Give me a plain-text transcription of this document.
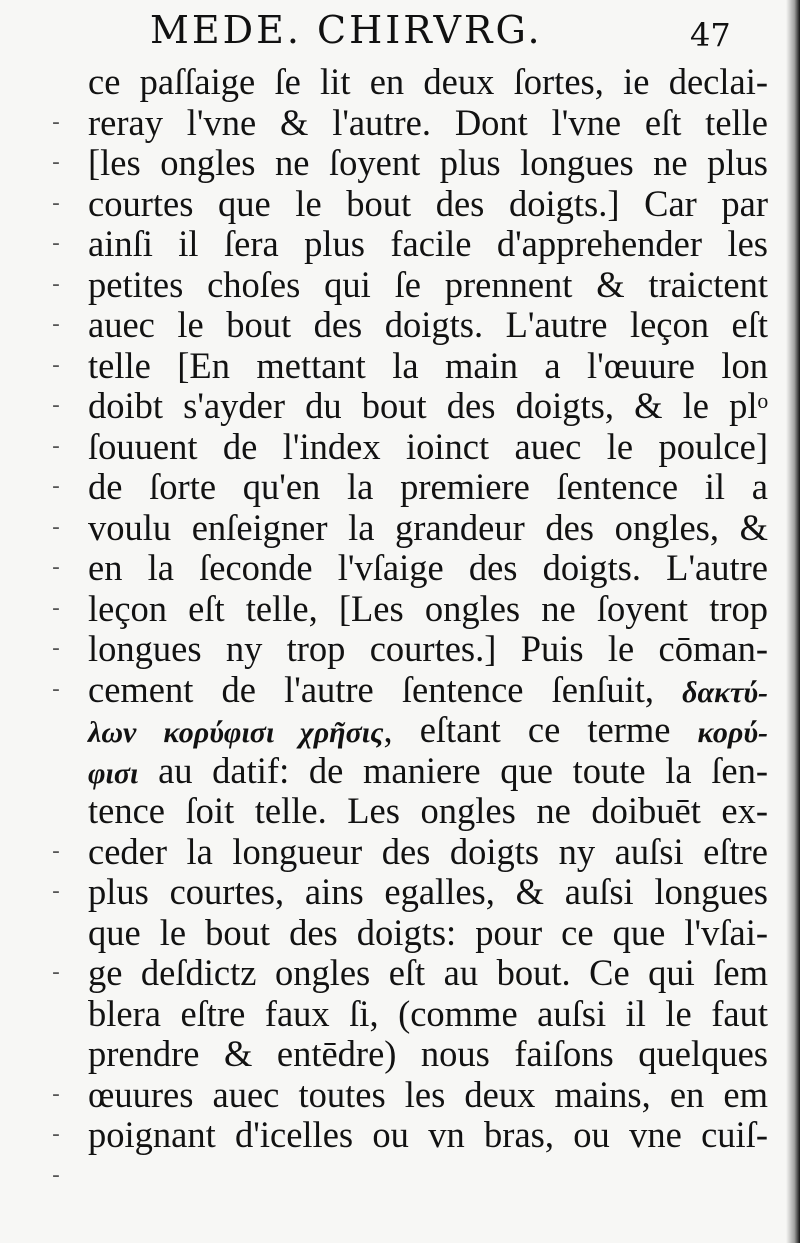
MEDE. CHIRVRG.	47
-
-
-
-
-
-
-
-
-
-
-
-
-
-
-
-
-
-
-
-
-
ce paſſaige ſe lit en deux ſortes, ie declai-
reray l'vne & l'autre. Dont l'vne eſt telle
[les ongles ne ſoyent plus longues ne plus
courtes que le bout des doigts.] Car par
ainſi il ſera plus facile d'apprehender les
petites choſes qui ſe prennent & traictent
auec le bout des doigts. L'autre leçon eſt
telle [En mettant la main a l'œuure lon
doibt s'ayder du bout des doigts, & le plᵒ
ſouuent de l'index ioinct auec le poulce]
de ſorte qu'en la premiere ſentence il a
voulu enſeigner la grandeur des ongles, &
en la ſeconde l'vſaige des doigts. L'autre
leçon eſt telle, [Les ongles ne ſoyent trop
longues ny trop courtes.] Puis le cōman-
cement de l'autre ſentence ſenſuit, δακτύ-
λων κορύφισι χρῆσις, eſtant ce terme κορύ-
φισι au datif: de maniere que toute la ſen-
tence ſoit telle. Les ongles ne doibuēt ex-
ceder la longueur des doigts ny auſsi eſtre
plus courtes, ains egalles, & auſsi longues
que le bout des doigts: pour ce que l'vſai-
ge deſdictz ongles eſt au bout. Ce qui ſem
blera eſtre faux ſi, (comme auſsi il le faut
prendre & entēdre) nous faiſons quelques
œuures auec toutes les deux mains, en em
poignant d'icelles ou vn bras, ou vne cuiſ-
